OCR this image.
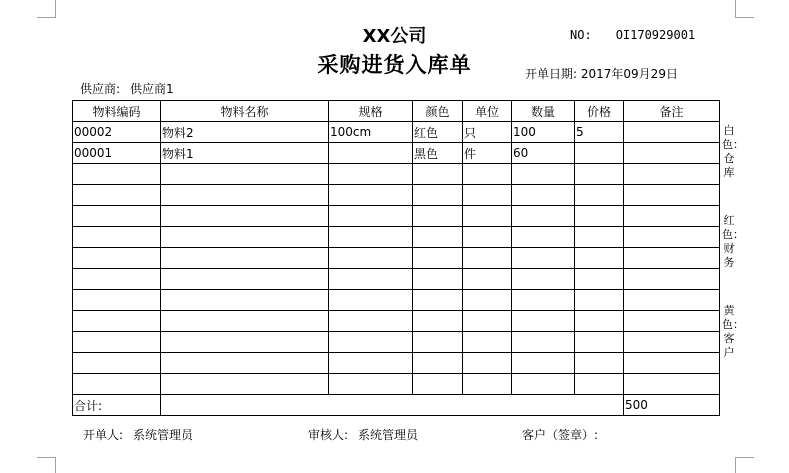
XX公司
采购进货入库单
NO: OI170929001
开单日期: 2017年09月29日
供应商: 供应商1
物料编码	物料名称	规格	颜色	单位	数量	价格	备注
00002	物料2	100cm	红色	只	100	5	
00001	物料1		黑色	件	60		

合计:							500
白色：仓库
红色：财务
黄色：客户
开单人: 系统管理员	审核人: 系统管理员	客户（签章）:
